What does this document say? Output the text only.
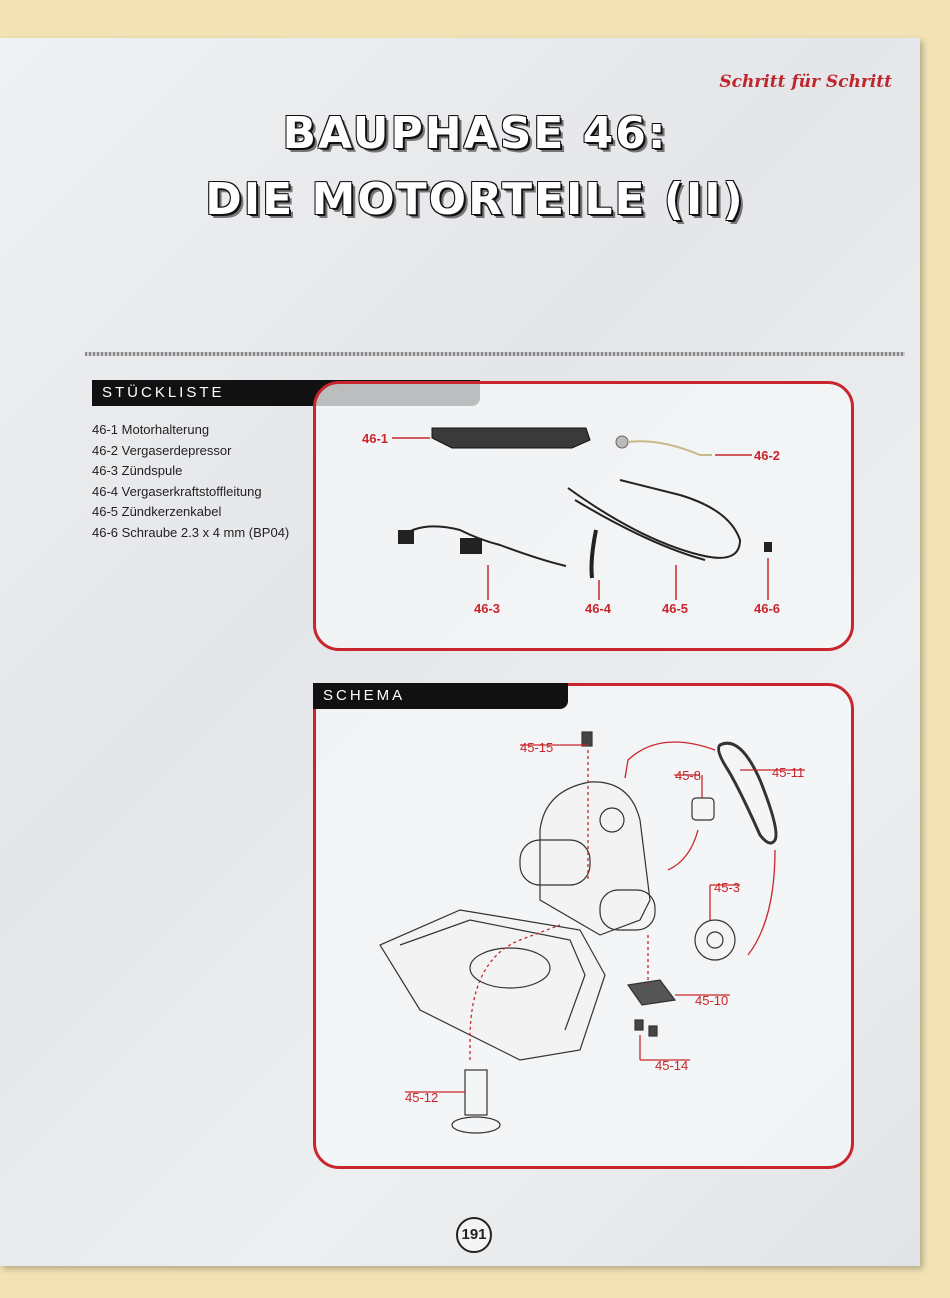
Schritt für Schritt
BAUPHASE 46:
DIE MOTORTEILE (II)
STÜCKLISTE
46-1 Motorhalterung
46-2 Vergaserdepressor
46-3 Zündspule
46-4 Vergaserkraftstoffleitung
46-5 Zündkerzenkabel
46-6 Schraube 2.3 x 4 mm (BP04)
46-1
46-2
46-3	46-4	46-5	46-6
SCHEMA
45-15
45-8	45-11
45-3
45-10
45-14
45-12
191
